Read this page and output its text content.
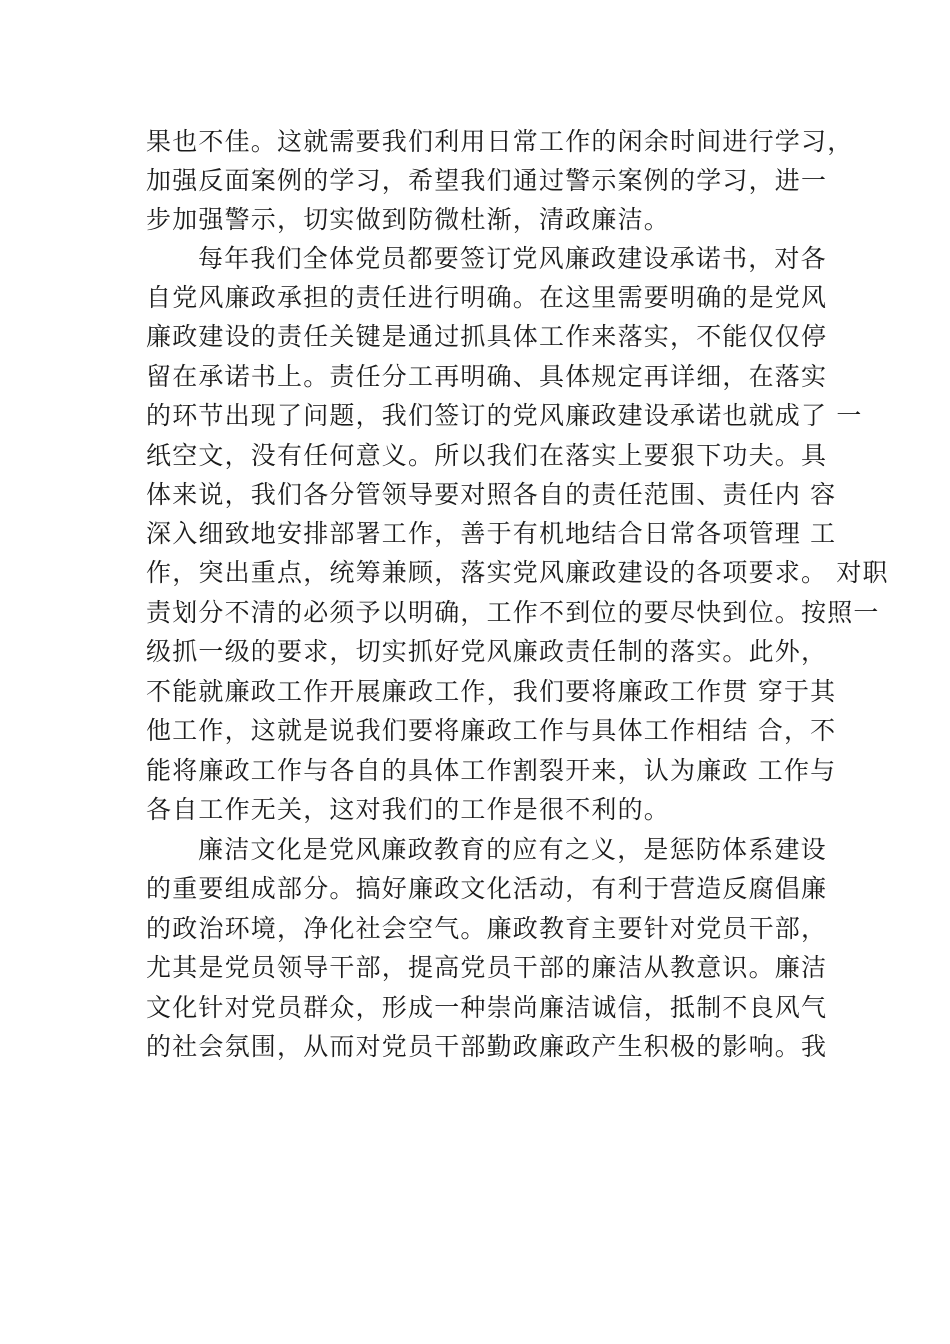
果也不佳。这就需要我们利用日常工作的闲余时间进行学习，
加强反面案例的学习，希望我们通过警示案例的学习，进一
步加强警示，切实做到防微杜渐，清政廉洁。
每年我们全体党员都要签订党风廉政建设承诺书，对各
自党风廉政承担的责任进行明确。在这里需要明确的是党风
廉政建设的责任关键是通过抓具体工作来落实，不能仅仅停
留在承诺书上。责任分工再明确、具体规定再详细，在落实
的环节出现了问题，我们签订的党风廉政建设承诺也就成了 一
纸空文，没有任何意义。所以我们在落实上要狠下功夫。具
体来说，我们各分管领导要对照各自的责任范围、责任内 容
深入细致地安排部署工作，善于有机地结合日常各项管理 工
作，突出重点，统筹兼顾，落实党风廉政建设的各项要求。 对职
责划分不清的必须予以明确，工作不到位的要尽快到位。按照一
级抓一级的要求，切实抓好党风廉政责任制的落实。此外，
不能就廉政工作开展廉政工作，我们要将廉政工作贯 穿于其
他工作，这就是说我们要将廉政工作与具体工作相结 合，不
能将廉政工作与各自的具体工作割裂开来，认为廉政 工作与
各自工作无关，这对我们的工作是很不利的。
廉洁文化是党风廉政教育的应有之义，是惩防体系建设
的重要组成部分。搞好廉政文化活动，有利于营造反腐倡廉
的政治环境，净化社会空气。廉政教育主要针对党员干部，
尤其是党员领导干部，提高党员干部的廉洁从教意识。廉洁
文化针对党员群众，形成一种崇尚廉洁诚信，抵制不良风气
的社会氛围，从而对党员干部勤政廉政产生积极的影响。我
